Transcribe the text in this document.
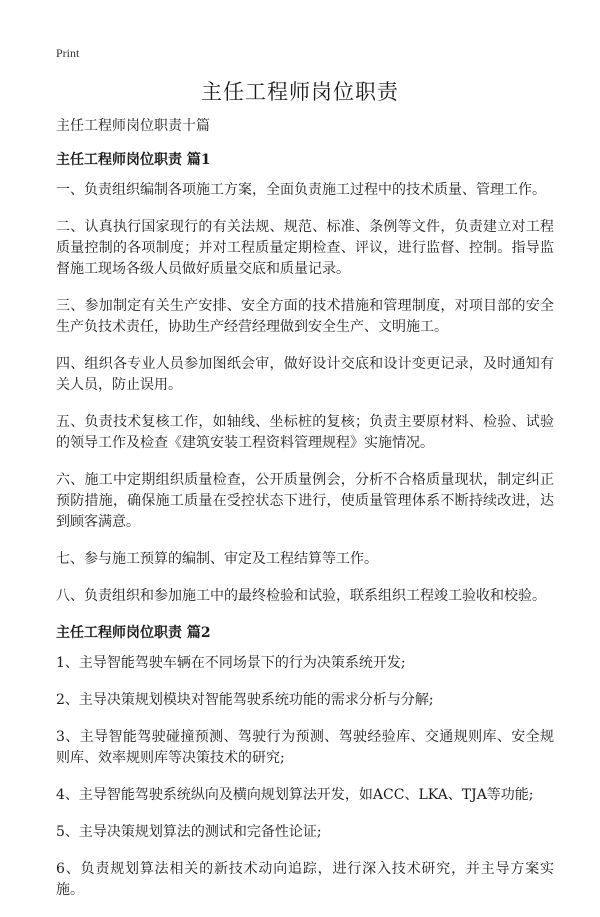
Print
主任工程师岗位职责

主任工程师岗位职责十篇

主任工程师岗位职责 篇1

一、负责组织编制各项施工方案，全面负责施工过程中的技术质量、管理工作。
二、认真执行国家现行的有关法规、规范、标准、条例等文件，负责建立对工程质量控制的各项制度；并对工程质量定期检查、评议，进行监督、控制。指导监督施工现场各级人员做好质量交底和质量记录。
三、参加制定有关生产安排、安全方面的技术措施和管理制度，对项目部的安全生产负技术责任，协助生产经营经理做到安全生产、文明施工。
四、组织各专业人员参加图纸会审，做好设计交底和设计变更记录，及时通知有关人员，防止误用。
五、负责技术复核工作，如轴线、坐标桩的复核；负责主要原材料、检验、试验的领导工作及检查《建筑安装工程资料管理规程》实施情况。
六、施工中定期组织质量检查，公开质量例会，分析不合格质量现状，制定纠正预防措施，确保施工质量在受控状态下进行，使质量管理体系不断持续改进，达到顾客满意。
七、参与施工预算的编制、审定及工程结算等工作。
八、负责组织和参加施工中的最终检验和试验，联系组织工程竣工验收和校验。

主任工程师岗位职责 篇2

1、主导智能驾驶车辆在不同场景下的行为决策系统开发;
2、主导决策规划模块对智能驾驶系统功能的需求分析与分解;
3、主导智能驾驶碰撞预测、驾驶行为预测、驾驶经验库、交通规则库、安全规则库、效率规则库等决策技术的研究;
4、主导智能驾驶系统纵向及横向规划算法开发，如ACC、LKA、TJA等功能;
5、主导决策规划算法的测试和完备性论证;
6、负责规划算法相关的新技术动向追踪，进行深入技术研究，并主导方案实施。
